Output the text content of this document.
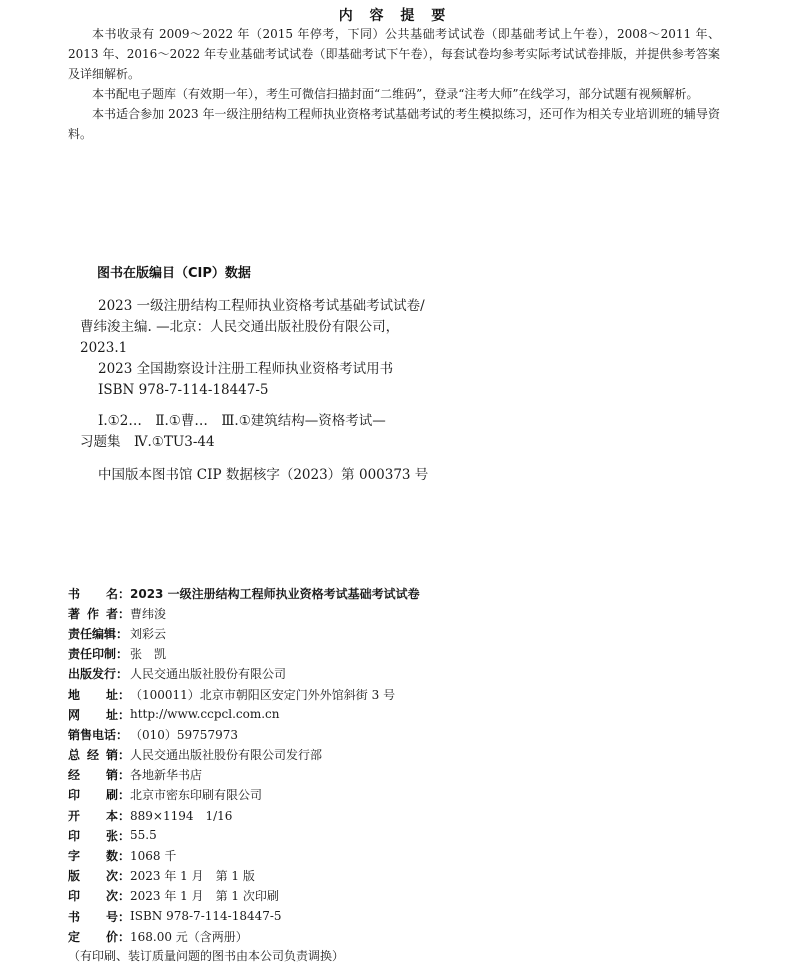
内 容 提 要

本书收录有 2009～2022 年（2015 年停考，下同）公共基础考试试卷（即基础考试上午卷），2008～2011 年、2013 年、2016～2022 年专业基础考试试卷（即基础考试下午卷），每套试卷均参考实际考试试卷排版，并提供参考答案及详细解析。

本书配电子题库（有效期一年），考生可微信扫描封面“二维码”，登录“注考大师”在线学习，部分试题有视频解析。

本书适合参加 2023 年一级注册结构工程师执业资格考试基础考试的考生模拟练习，还可作为相关专业培训班的辅导资料。

图书在版编目（CIP）数据

2023 一级注册结构工程师执业资格考试基础考试试卷/

曹纬浚主编. —北京：人民交通出版社股份有限公司，

2023.1

2023 全国勘察设计注册工程师执业资格考试用书

ISBN 978-7-114-18447-5

Ⅰ.①2…　Ⅱ.①曹…　Ⅲ.①建筑结构—资格考试—

习题集　Ⅳ.①TU3-44

中国版本图书馆 CIP 数据核字（2023）第 000373 号

书 名： 2023 一级注册结构工程师执业资格考试基础考试试卷
著 作 者： 曹纬浚
责任编辑： 刘彩云
责任印制： 张　凯
出版发行： 人民交通出版社股份有限公司
地 址： （100011）北京市朝阳区安定门外外馆斜街 3 号
网 址： http://www.ccpcl.com.cn
销售电话： （010）59757973
总 经 销： 人民交通出版社股份有限公司发行部
经 销： 各地新华书店
印 刷： 北京市密东印刷有限公司
开 本： 889×1194　1/16
印 张： 55.5
字 数： 1068 千
版 次： 2023 年 1 月　第 1 版
印 次： 2023 年 1 月　第 1 次印刷
书 号： ISBN 978-7-114-18447-5
定 价： 168.00 元（含两册）
（有印刷、装订质量问题的图书由本公司负责调换）
